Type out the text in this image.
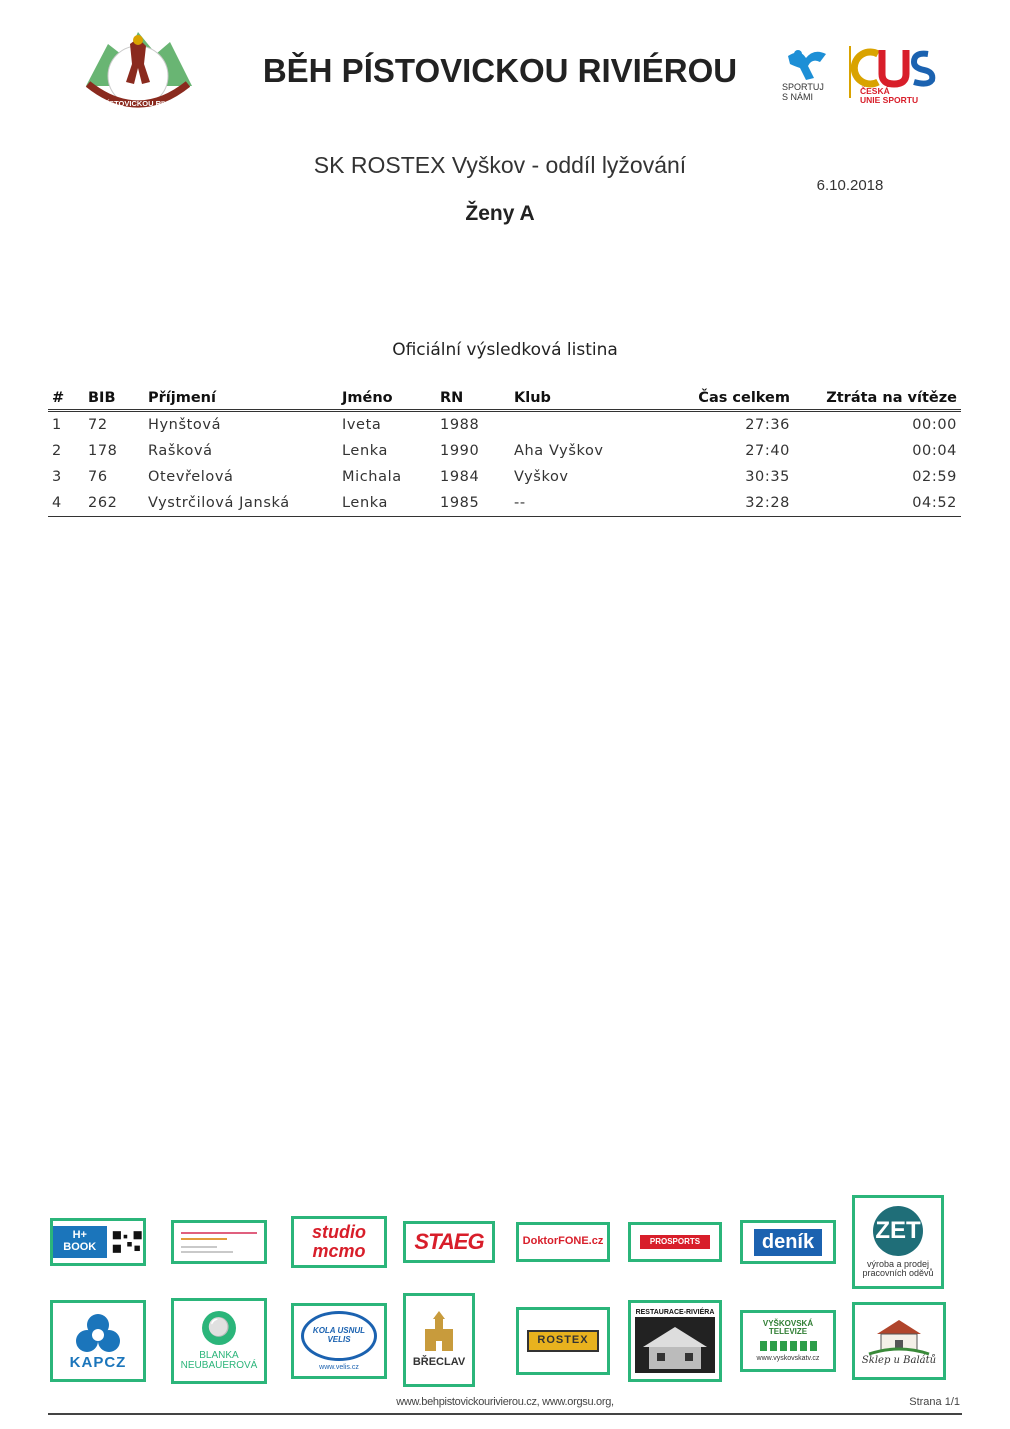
BĚH PÍSTOVICKOU RIVIÉROU
BĚH PÍSTOVICKOU RIVIÉROU	SPORTUJ
S NÁMI
ČESKÁ
UNIE SPORTU
SK ROSTEX Vyškov - oddíl lyžování
6.10.2018
Ženy A
Oficiální výsledková listina
#	BIB	Příjmení	Jméno	RN	Klub	Čas celkem	Ztráta na vítěze
1	72	Hynštová	Iveta	1988		27:36	00:00
2	178	Rašková	Lenka	1990	Aha Vyškov	27:40	00:04
3	76	Otevřelová	Michala	1984	Vyškov	30:35	02:59
4	262	Vystrčilová Janská	Lenka	1985	--	32:28	04:52
H+ BOOK
studio mcmo	STAEG	DoktorFONE.cz	PROSPORTS	deník	ZET
výroba a prodej pracovních oděvů
KAPCZ
⚪
BLANKA NEUBAUEROVÁ
KOLA USNUL VELIS
www.velis.cz	BŘECLAV
ROSTEX
RESTAURACE-RIVIÉRA
VYŠKOVSKÁ TELEVIZE
www.vyskovskatv.cz	Sklep u Balátů
www.behpistovickourivierou.cz, www.orgsu.org,	Strana 1/1
